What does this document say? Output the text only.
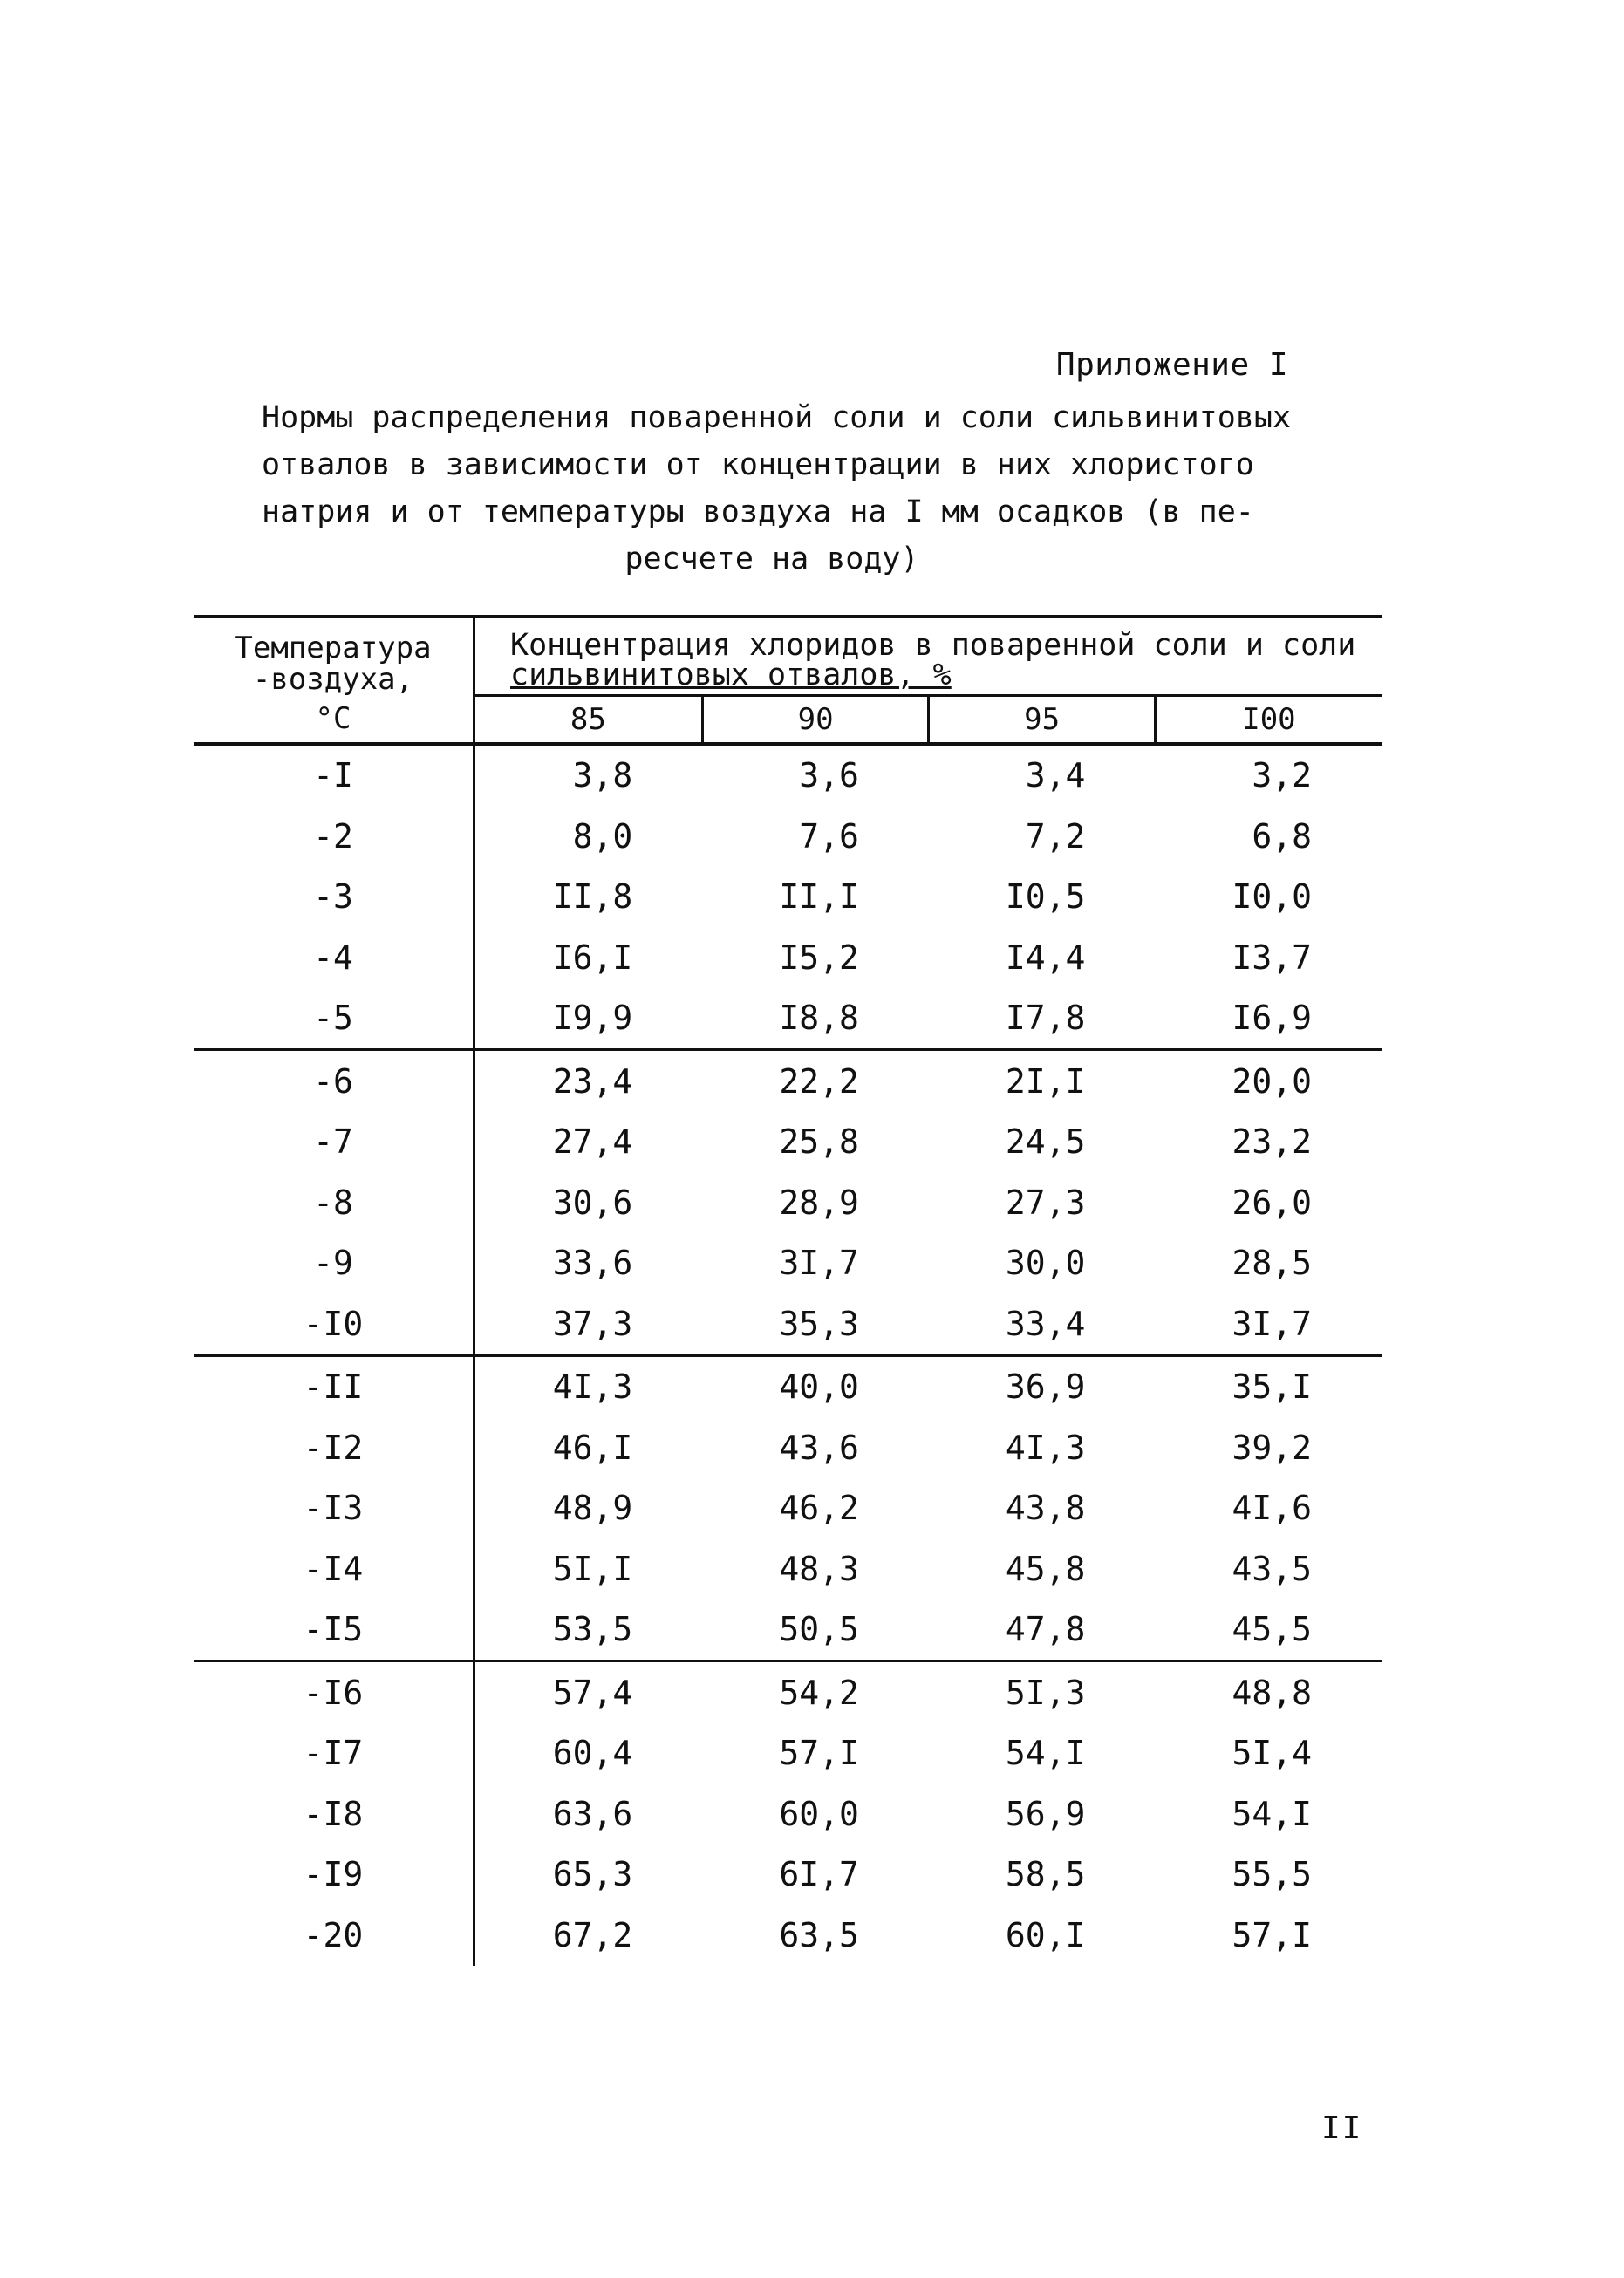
Приложение I
Нормы распределения поваренной соли и соли сильвинитовых
отвалов в зависимости от концентрации в них хлористого
натрия и от температуры воздуха на I мм осадков (в пе-
ресчете на воду)
Температура
-воздуха,	Концентрация хлоридов в поваренной соли и соли
сильвинитовых отвалов, %			

°С	85	90	95	I00
-I	3,8	3,6	3,4	3,2
-2	8,0	7,6	7,2	6,8
-3	II,8	II,I	I0,5	I0,0
-4	I6,I	I5,2	I4,4	I3,7
-5	I9,9	I8,8	I7,8	I6,9
-6	23,4	22,2	2I,I	20,0
-7	27,4	25,8	24,5	23,2
-8	30,6	28,9	27,3	26,0
-9	33,6	3I,7	30,0	28,5
-I0	37,3	35,3	33,4	3I,7
-II	4I,3	40,0	36,9	35,I
-I2	46,I	43,6	4I,3	39,2
-I3	48,9	46,2	43,8	4I,6
-I4	5I,I	48,3	45,8	43,5
-I5	53,5	50,5	47,8	45,5
-I6	57,4	54,2	5I,3	48,8
-I7	60,4	57,I	54,I	5I,4
-I8	63,6	60,0	56,9	54,I
-I9	65,3	6I,7	58,5	55,5
-20	67,2	63,5	60,I	57,I
II
